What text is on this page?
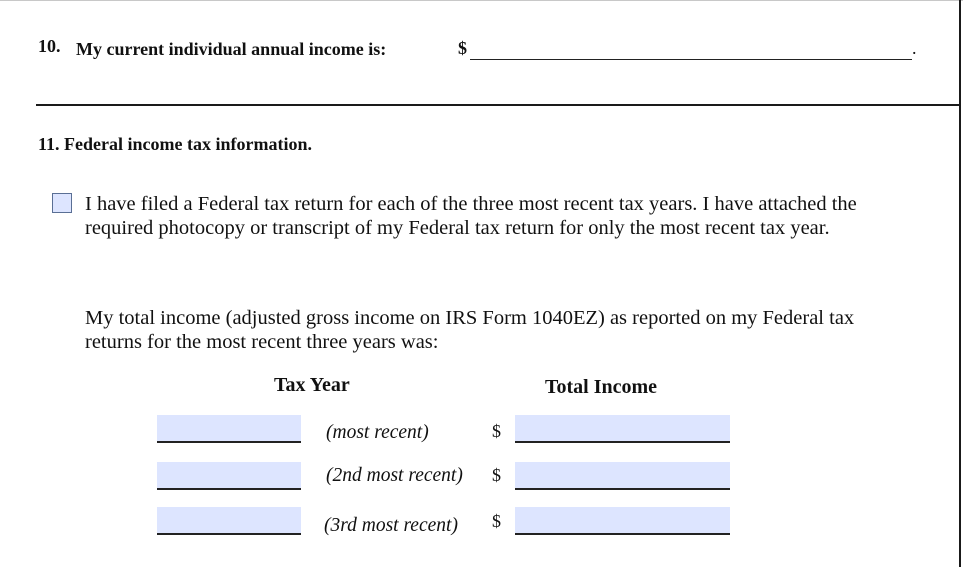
10. My current individual annual income is:	$	.
11. Federal income tax information.
I have filed a Federal tax return for each of the three most recent tax years. I have attached the required photocopy or transcript of my Federal tax return for only the most recent tax year.
My total income (adjusted gross income on IRS Form 1040EZ) as reported on my Federal tax returns for the most recent three years was:
Tax Year	Total Income
(most recent)	$
(2nd most recent) $
(3rd most recent) $
